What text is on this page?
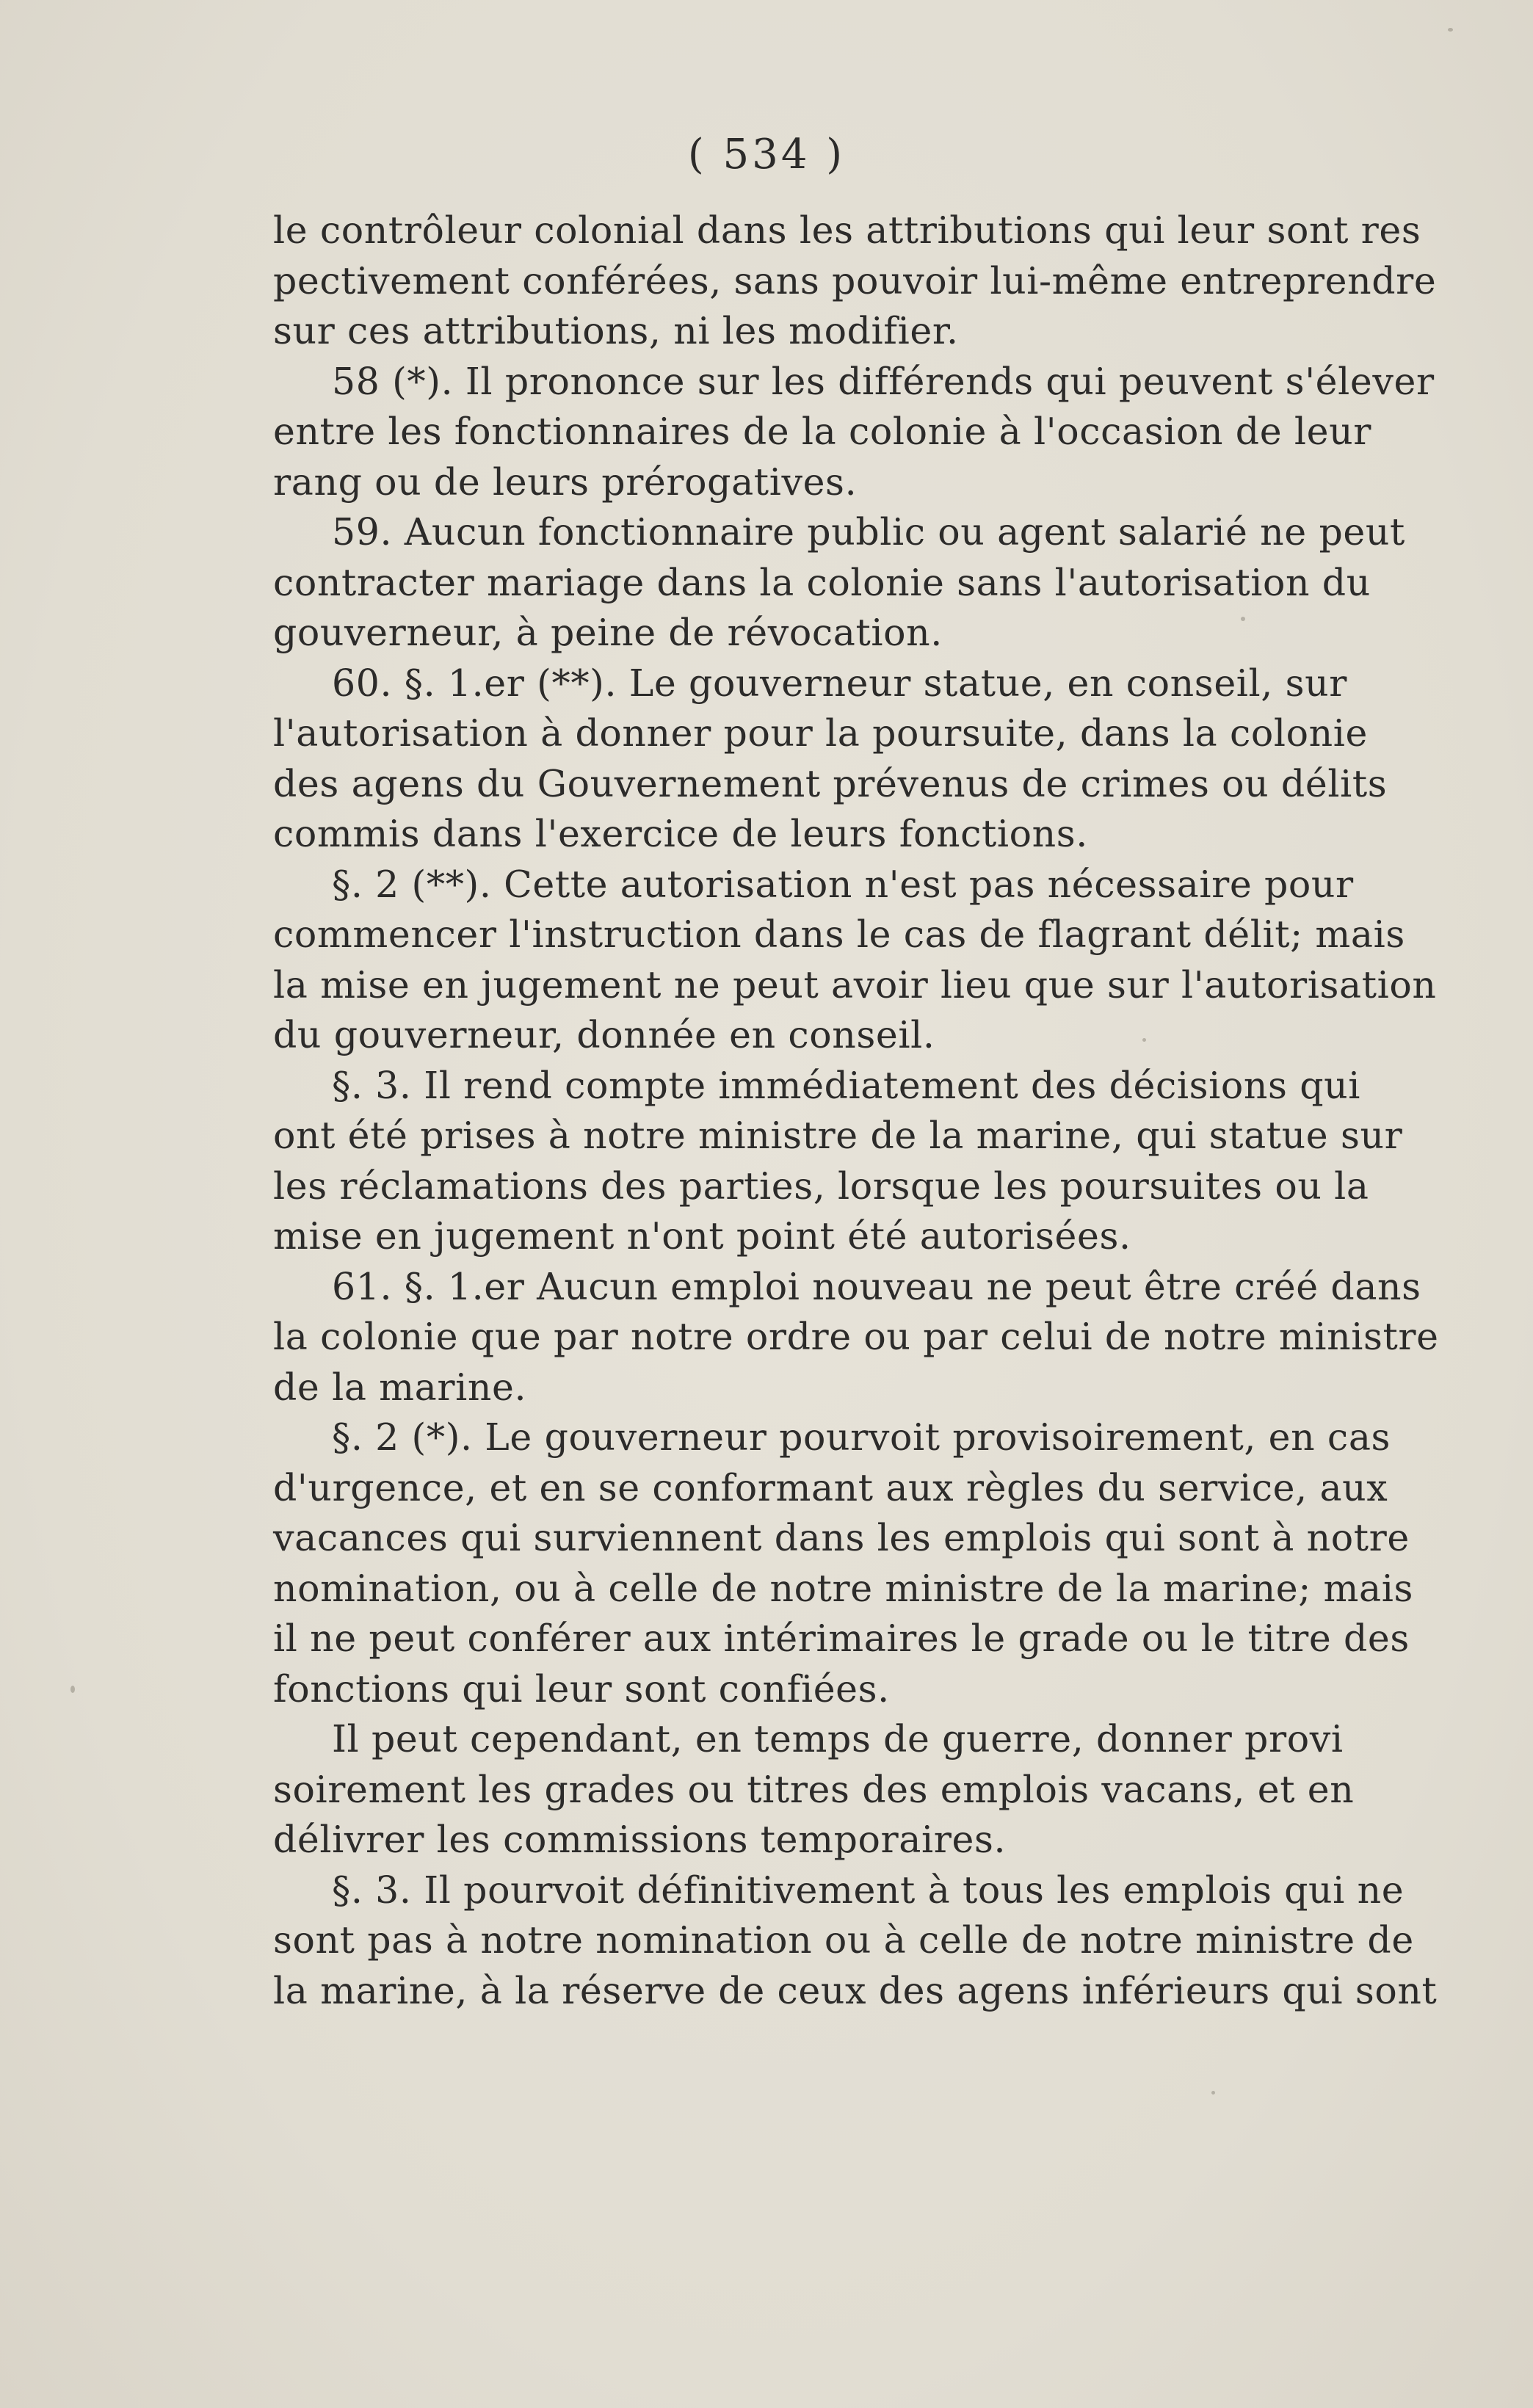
( 534 )
le contrôleur colonial dans les attributions qui leur sont res
pectivement conférées, sans pouvoir lui-même entreprendre
sur ces attributions, ni les modifier.
58 (*). Il prononce sur les différends qui peuvent s'élever
entre les fonctionnaires de la colonie à l'occasion de leur
rang ou de leurs prérogatives.
59. Aucun fonctionnaire public ou agent salarié ne peut
contracter mariage dans la colonie sans l'autorisation du
gouverneur, à peine de révocation.
60. §. 1.er (**). Le gouverneur statue, en conseil, sur
l'autorisation à donner pour la poursuite, dans la colonie
des agens du Gouvernement prévenus de crimes ou délits
commis dans l'exercice de leurs fonctions.
§. 2 (**). Cette autorisation n'est pas nécessaire pour
commencer l'instruction dans le cas de flagrant délit; mais
la mise en jugement ne peut avoir lieu que sur l'autorisation
du gouverneur, donnée en conseil.
§. 3. Il rend compte immédiatement des décisions qui
ont été prises à notre ministre de la marine, qui statue sur
les réclamations des parties, lorsque les poursuites ou la
mise en jugement n'ont point été autorisées.
61. §. 1.er Aucun emploi nouveau ne peut être créé dans
la colonie que par notre ordre ou par celui de notre ministre
de la marine.
§. 2 (*). Le gouverneur pourvoit provisoirement, en cas
d'urgence, et en se conformant aux règles du service, aux
vacances qui surviennent dans les emplois qui sont à notre
nomination, ou à celle de notre ministre de la marine; mais
il ne peut conférer aux intérimaires le grade ou le titre des
fonctions qui leur sont confiées.
Il peut cependant, en temps de guerre, donner provi
soirement les grades ou titres des emplois vacans, et en
délivrer les commissions temporaires.
§. 3. Il pourvoit définitivement à tous les emplois qui ne
sont pas à notre nomination ou à celle de notre ministre de
la marine, à la réserve de ceux des agens inférieurs qui sont
